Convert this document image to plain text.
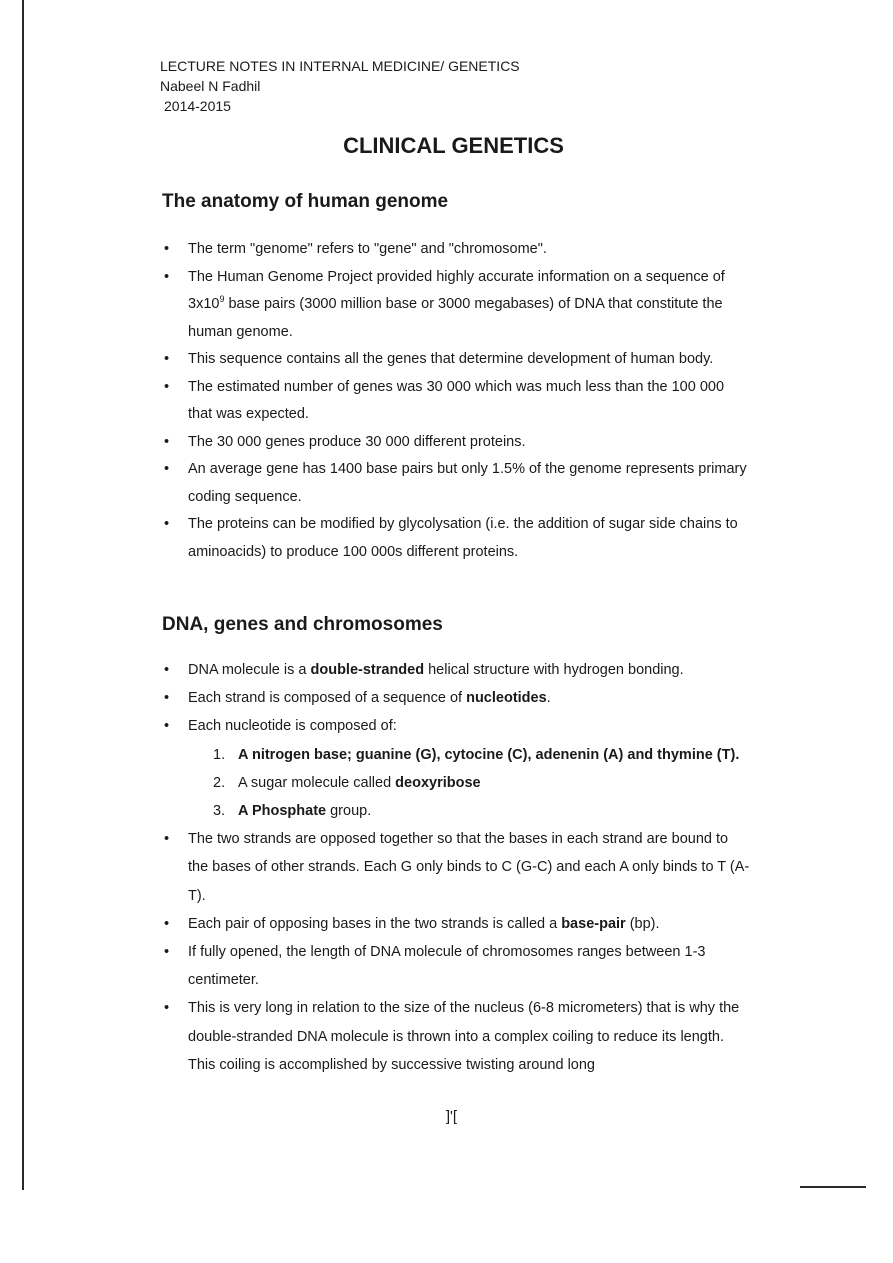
LECTURE NOTES IN INTERNAL MEDICINE/ GENETICS
Nabeel N Fadhil
2014-2015
CLINICAL GENETICS
The anatomy of human genome
• The term "genome" refers to "gene" and "chromosome".
• The Human Genome Project provided highly accurate information on a sequence of $3x10^9$ base pairs (3000 million base or 3000 megabases) of DNA that constitute the human genome.
• This sequence contains all the genes that determine development of human body.
• The estimated number of genes was 30 000 which was much less than the 100 000 that was expected.
• The 30 000 genes produce 30 000 different proteins.
• An average gene has 1400 base pairs but only 1.5% of the genome represents primary coding sequence.
• The proteins can be modified by glycolysation (i.e. the addition of sugar side chains to aminoacids) to produce 100 000s different proteins.
DNA, genes and chromosomes
• DNA molecule is a double-stranded helical structure with hydrogen bonding.
• Each strand is composed of a sequence of nucleotides.
• Each nucleotide is composed of:
1. A nitrogen base; guanine (G), cytocine (C), adenenin (A) and thymine (T).
2. A sugar molecule called deoxyribose
3. A Phosphate group.
• The two strands are opposed together so that the bases in each strand are bound to the bases of other strands. Each G only binds to C (G-C) and each A only binds to T (A-T).
• Each pair of opposing bases in the two strands is called a base-pair (bp).
• If fully opened, the length of DNA molecule of chromosomes ranges between 1-3 centimeter.
• This is very long in relation to the size of the nucleus (6-8 micrometers) that is why the double-stranded DNA molecule is thrown into a complex coiling to reduce its length. This coiling is accomplished by successive twisting around long
]'[
